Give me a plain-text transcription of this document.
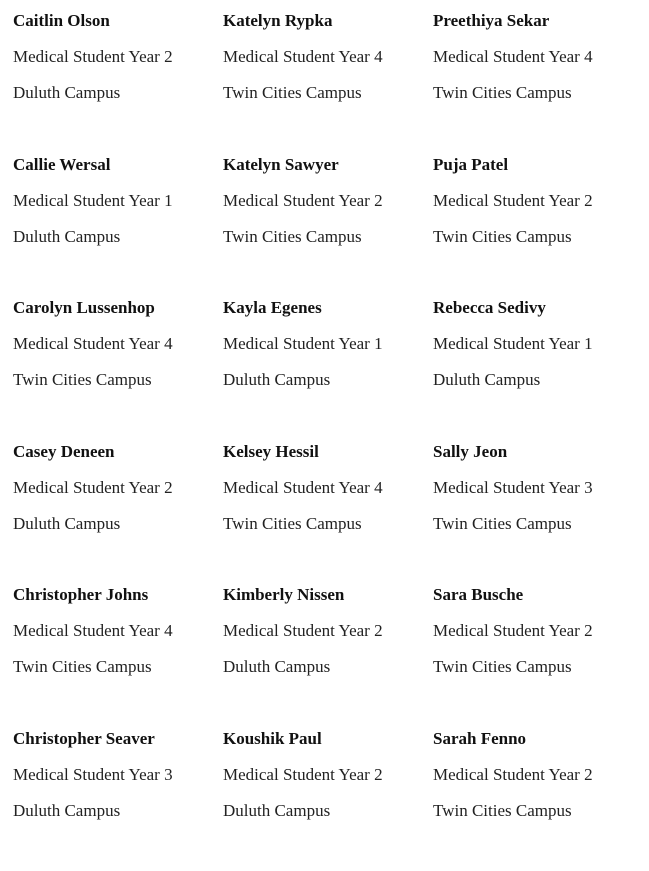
Caitlin Olson
Medical Student Year 2
Duluth Campus
Katelyn Rypka
Medical Student Year 4
Twin Cities Campus
Preethiya Sekar
Medical Student Year 4
Twin Cities Campus
Callie Wersal
Medical Student Year 1
Duluth Campus
Katelyn Sawyer
Medical Student Year 2
Twin Cities Campus
Puja Patel
Medical Student Year 2
Twin Cities Campus
Carolyn Lussenhop
Medical Student Year 4
Twin Cities Campus
Kayla Egenes
Medical Student Year 1
Duluth Campus
Rebecca Sedivy
Medical Student Year 1
Duluth Campus
Casey Deneen
Medical Student Year 2
Duluth Campus
Kelsey Hessil
Medical Student Year 4
Twin Cities Campus
Sally Jeon
Medical Student Year 3
Twin Cities Campus
Christopher Johns
Medical Student Year 4
Twin Cities Campus
Kimberly Nissen
Medical Student Year 2
Duluth Campus
Sara Busche
Medical Student Year 2
Twin Cities Campus
Christopher Seaver
Medical Student Year 3
Duluth Campus
Koushik Paul
Medical Student Year 2
Duluth Campus
Sarah Fenno
Medical Student Year 2
Twin Cities Campus
